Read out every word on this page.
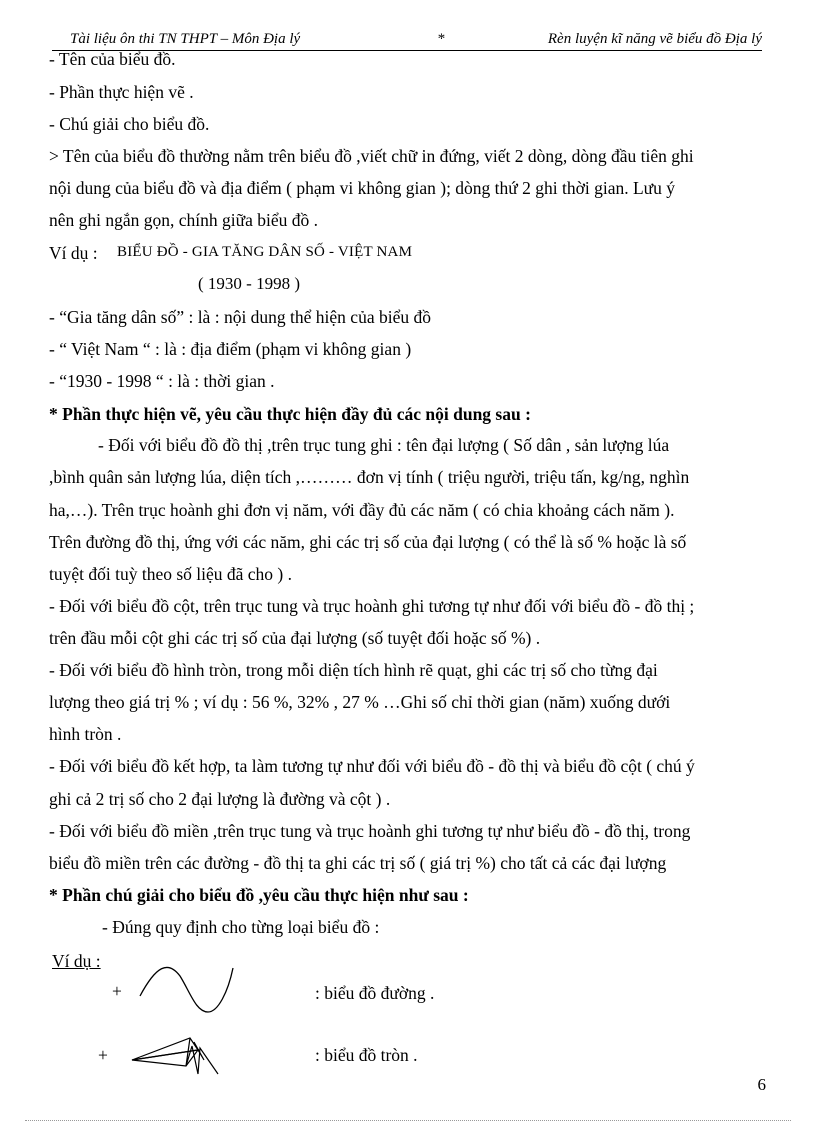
Tài liệu ôn thi TN THPT – Môn Địa lý	*	Rèn luyện kĩ năng vẽ biểu đồ Địa lý
- Tên của biểu đồ.
- Phần thực hiện vẽ .
- Chú giải cho biểu đồ.
> Tên của biểu đồ thường nằm trên biểu đồ ,viết chữ in đứng, viết 2 dòng, dòng đầu tiên ghi
nội dung của biểu đồ và địa điểm ( phạm vi không gian ); dòng thứ 2 ghi thời gian. Lưu ý
nên ghi ngắn gọn, chính giữa biểu đồ .
Ví dụ : BIỂU ĐỒ - GIA TĂNG DÂN SỐ - VIỆT NAM
( 1930 - 1998 )
- “Gia tăng dân số” : là : nội dung thể hiện của biểu đồ
- “ Việt Nam “ : là : địa điểm (phạm vi không gian )
- “1930 - 1998 “ : là : thời gian .
* Phần thực hiện vẽ, yêu cầu thực hiện đầy đủ các nội dung sau :
- Đối với biểu đồ đồ thị ,trên trục tung ghi : tên đại lượng ( Số dân , sản lượng lúa
,bình quân sản lượng lúa, diện tích ,……… đơn vị tính ( triệu người, triệu tấn, kg/ng, nghìn
ha,…). Trên trục hoành ghi đơn vị năm, với đầy đủ các năm ( có chia khoảng cách năm ).
Trên đường đồ thị, ứng với các năm, ghi các trị số của đại lượng ( có thể là số % hoặc là số
tuyệt đối tuỳ theo số liệu đã cho ) .
- Đối với biểu đồ cột, trên trục tung và trục hoành ghi tương tự như đối với biểu đồ - đồ thị ;
trên đầu mỗi cột ghi các trị số của đại lượng (số tuyệt đối hoặc số %) .
- Đối với biểu đồ hình tròn, trong mỗi diện tích hình rẽ quạt, ghi các trị số cho từng đại
lượng theo giá trị % ; ví dụ : 56 %, 32% , 27 % …Ghi số chỉ thời gian (năm) xuống dưới
hình tròn .
- Đối với biểu đồ kết hợp, ta làm tương tự như đối với biểu đồ - đồ thị và biểu đồ cột ( chú ý
ghi cả 2 trị số cho 2 đại lượng là đường và cột ) .
- Đối với biểu đồ miền ,trên trục tung và trục hoành ghi tương tự như biểu đồ - đồ thị, trong
biểu đồ miền trên các đường - đồ thị ta ghi các trị số ( giá trị %) cho tất cả các đại lượng
* Phần chú giải cho biểu đồ ,yêu cầu thực hiện như sau :
- Đúng quy định cho từng loại biểu đồ :
Ví dụ :
+	: biểu đồ đường .
+	: biểu đồ tròn .
6
